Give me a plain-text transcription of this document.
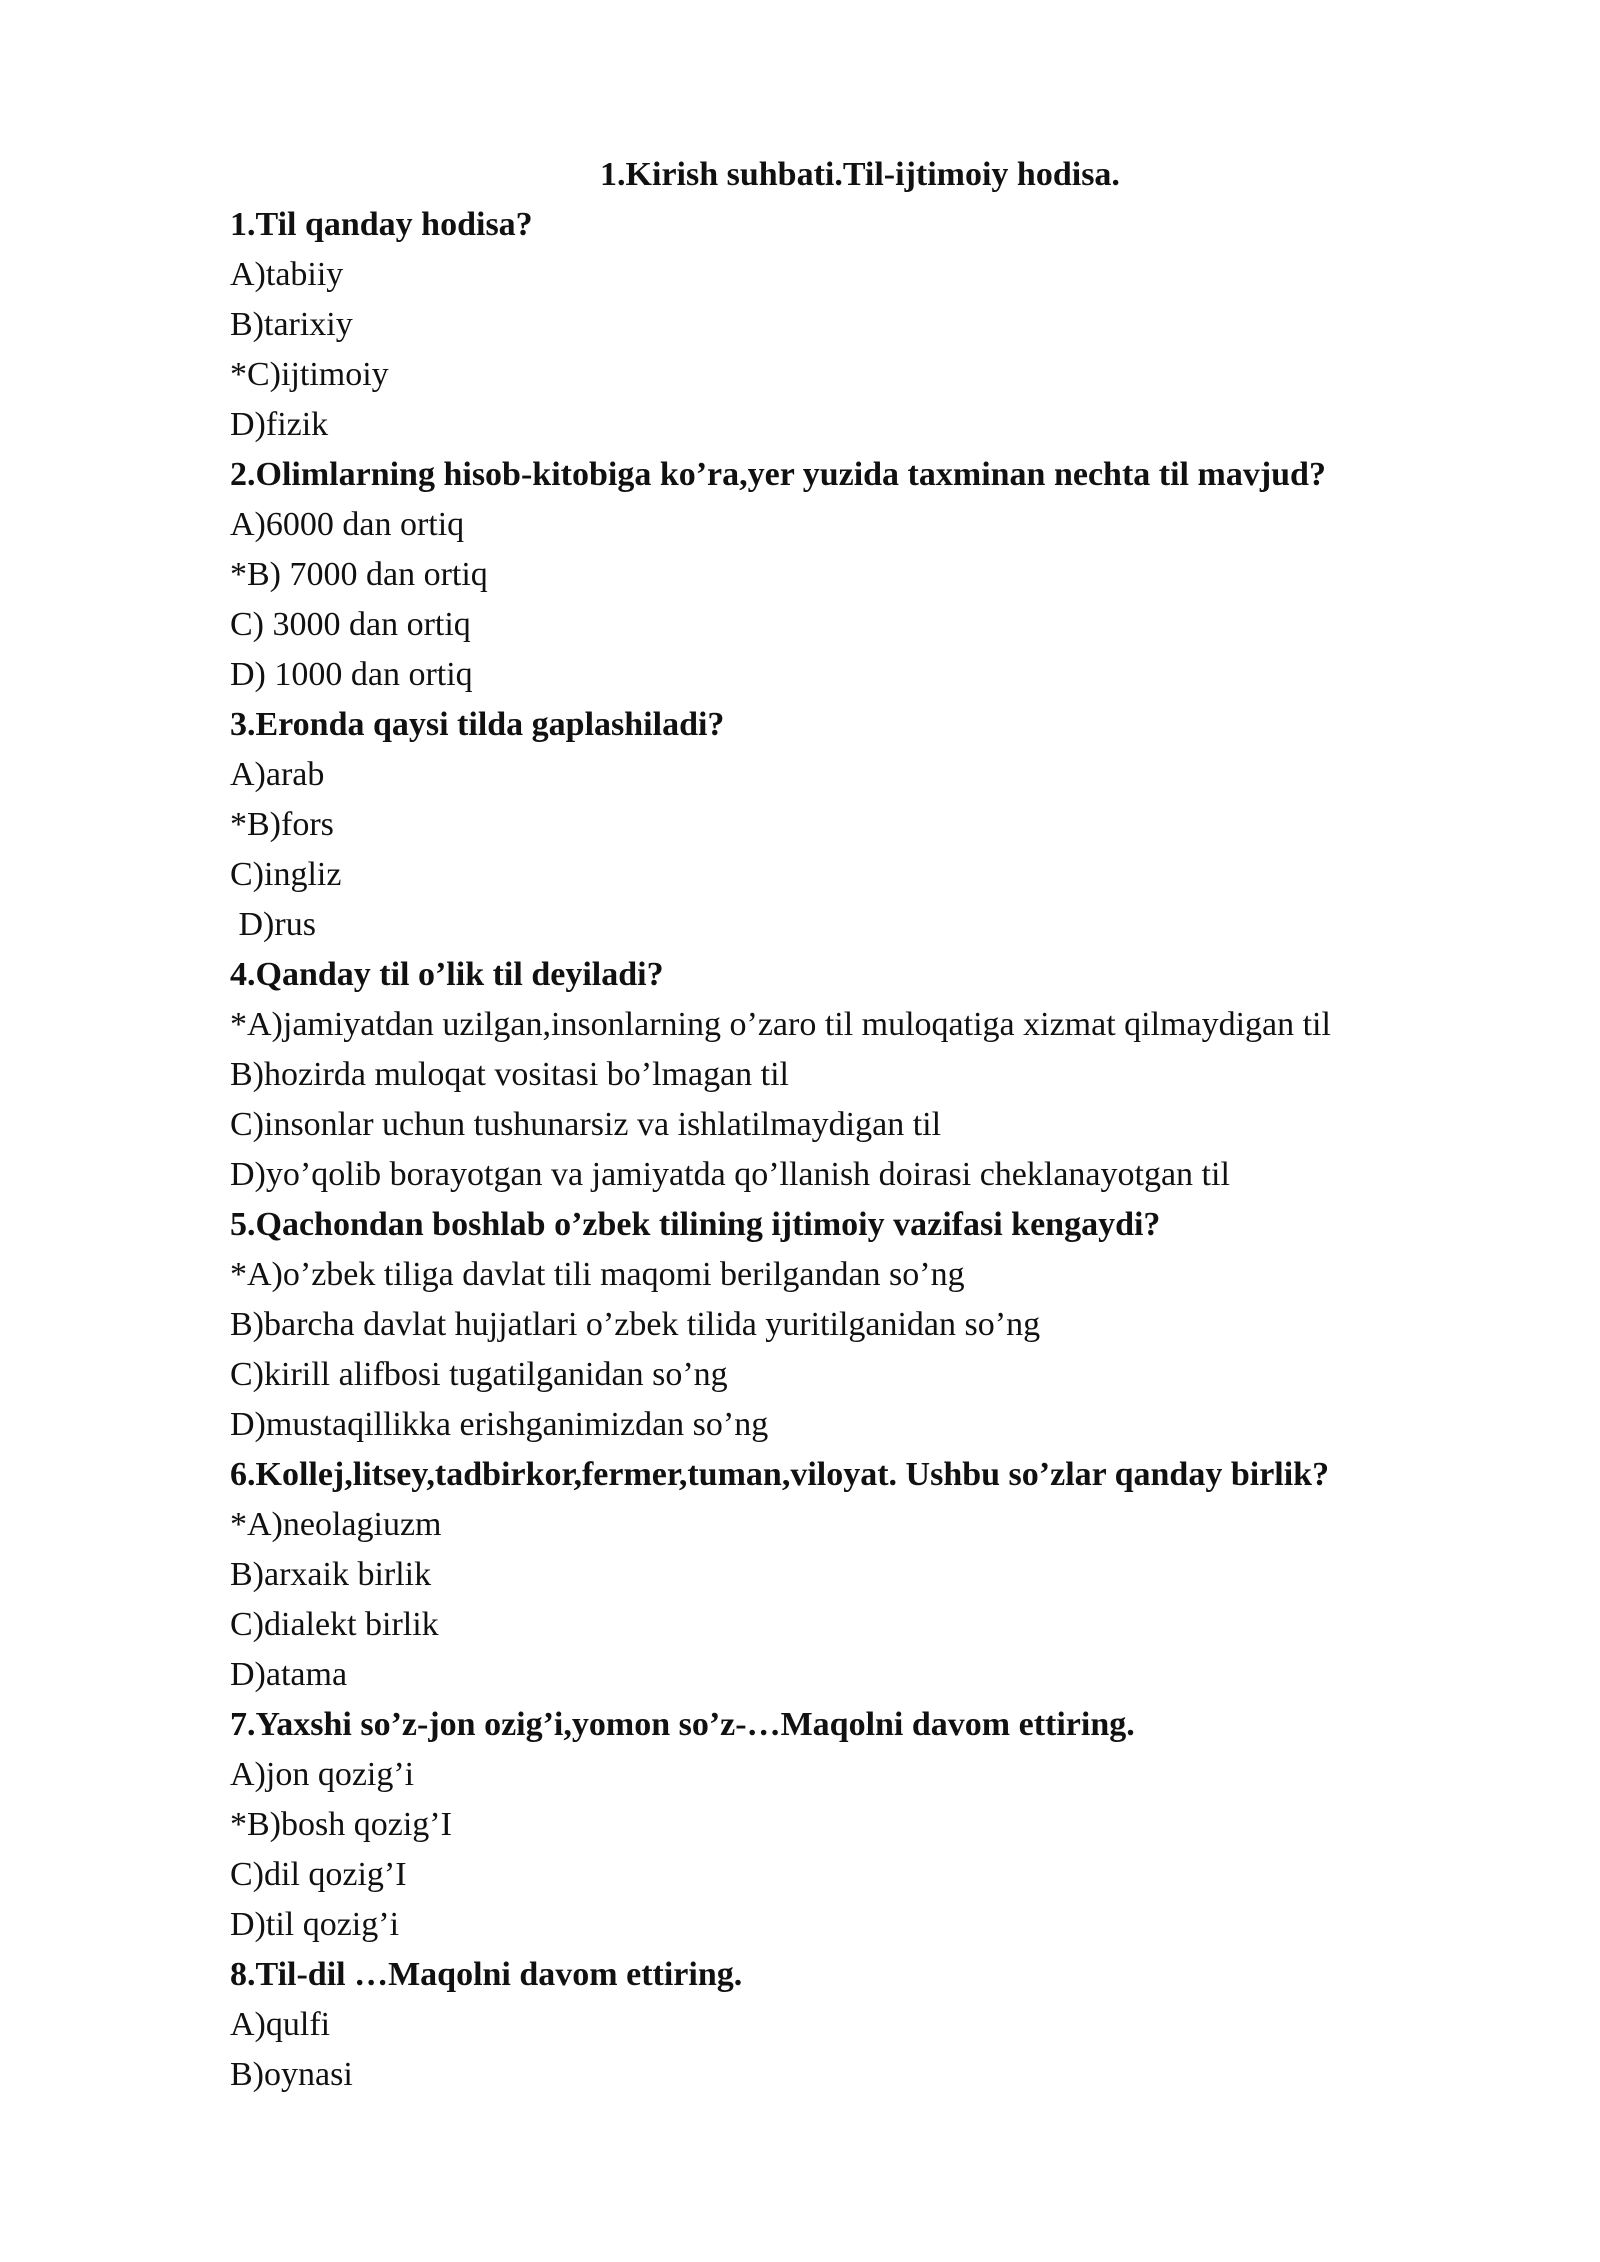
1.Kirish suhbati.Til-ijtimoiy hodisa.
1.Til qanday hodisa?
A)tabiiy
B)tarixiy
*C)ijtimoiy
D)fizik
2.Olimlarning hisob-kitobiga ko’ra,yer yuzida taxminan nechta til mavjud?
A)6000 dan ortiq
*B) 7000 dan ortiq
C) 3000 dan ortiq
D) 1000 dan ortiq
3.Eronda qaysi tilda gaplashiladi?
A)arab
*B)fors
C)ingliz
D)rus
4.Qanday til o’lik til deyiladi?
*A)jamiyatdan uzilgan,insonlarning o’zaro til muloqatiga xizmat qilmaydigan til
B)hozirda muloqat vositasi bo’lmagan til
C)insonlar uchun tushunarsiz va ishlatilmaydigan til
D)yo’qolib borayotgan va jamiyatda qo’llanish doirasi cheklanayotgan til
5.Qachondan boshlab o’zbek tilining ijtimoiy vazifasi kengaydi?
*A)o’zbek tiliga davlat tili maqomi berilgandan so’ng
B)barcha davlat hujjatlari o’zbek tilida yuritilganidan so’ng
C)kirill alifbosi tugatilganidan so’ng
D)mustaqillikka erishganimizdan so’ng
6.Kollej,litsey,tadbirkor,fermer,tuman,viloyat. Ushbu so’zlar qanday birlik?
*A)neolagiuzm
B)arxaik birlik
C)dialekt birlik
D)atama
7.Yaxshi so’z-jon ozig’i,yomon so’z-…Maqolni davom ettiring.
A)jon qozig’i
*B)bosh qozig’I
C)dil qozig’I
D)til qozig’i
8.Til-dil …Maqolni davom ettiring.
A)qulfi
B)oynasi
